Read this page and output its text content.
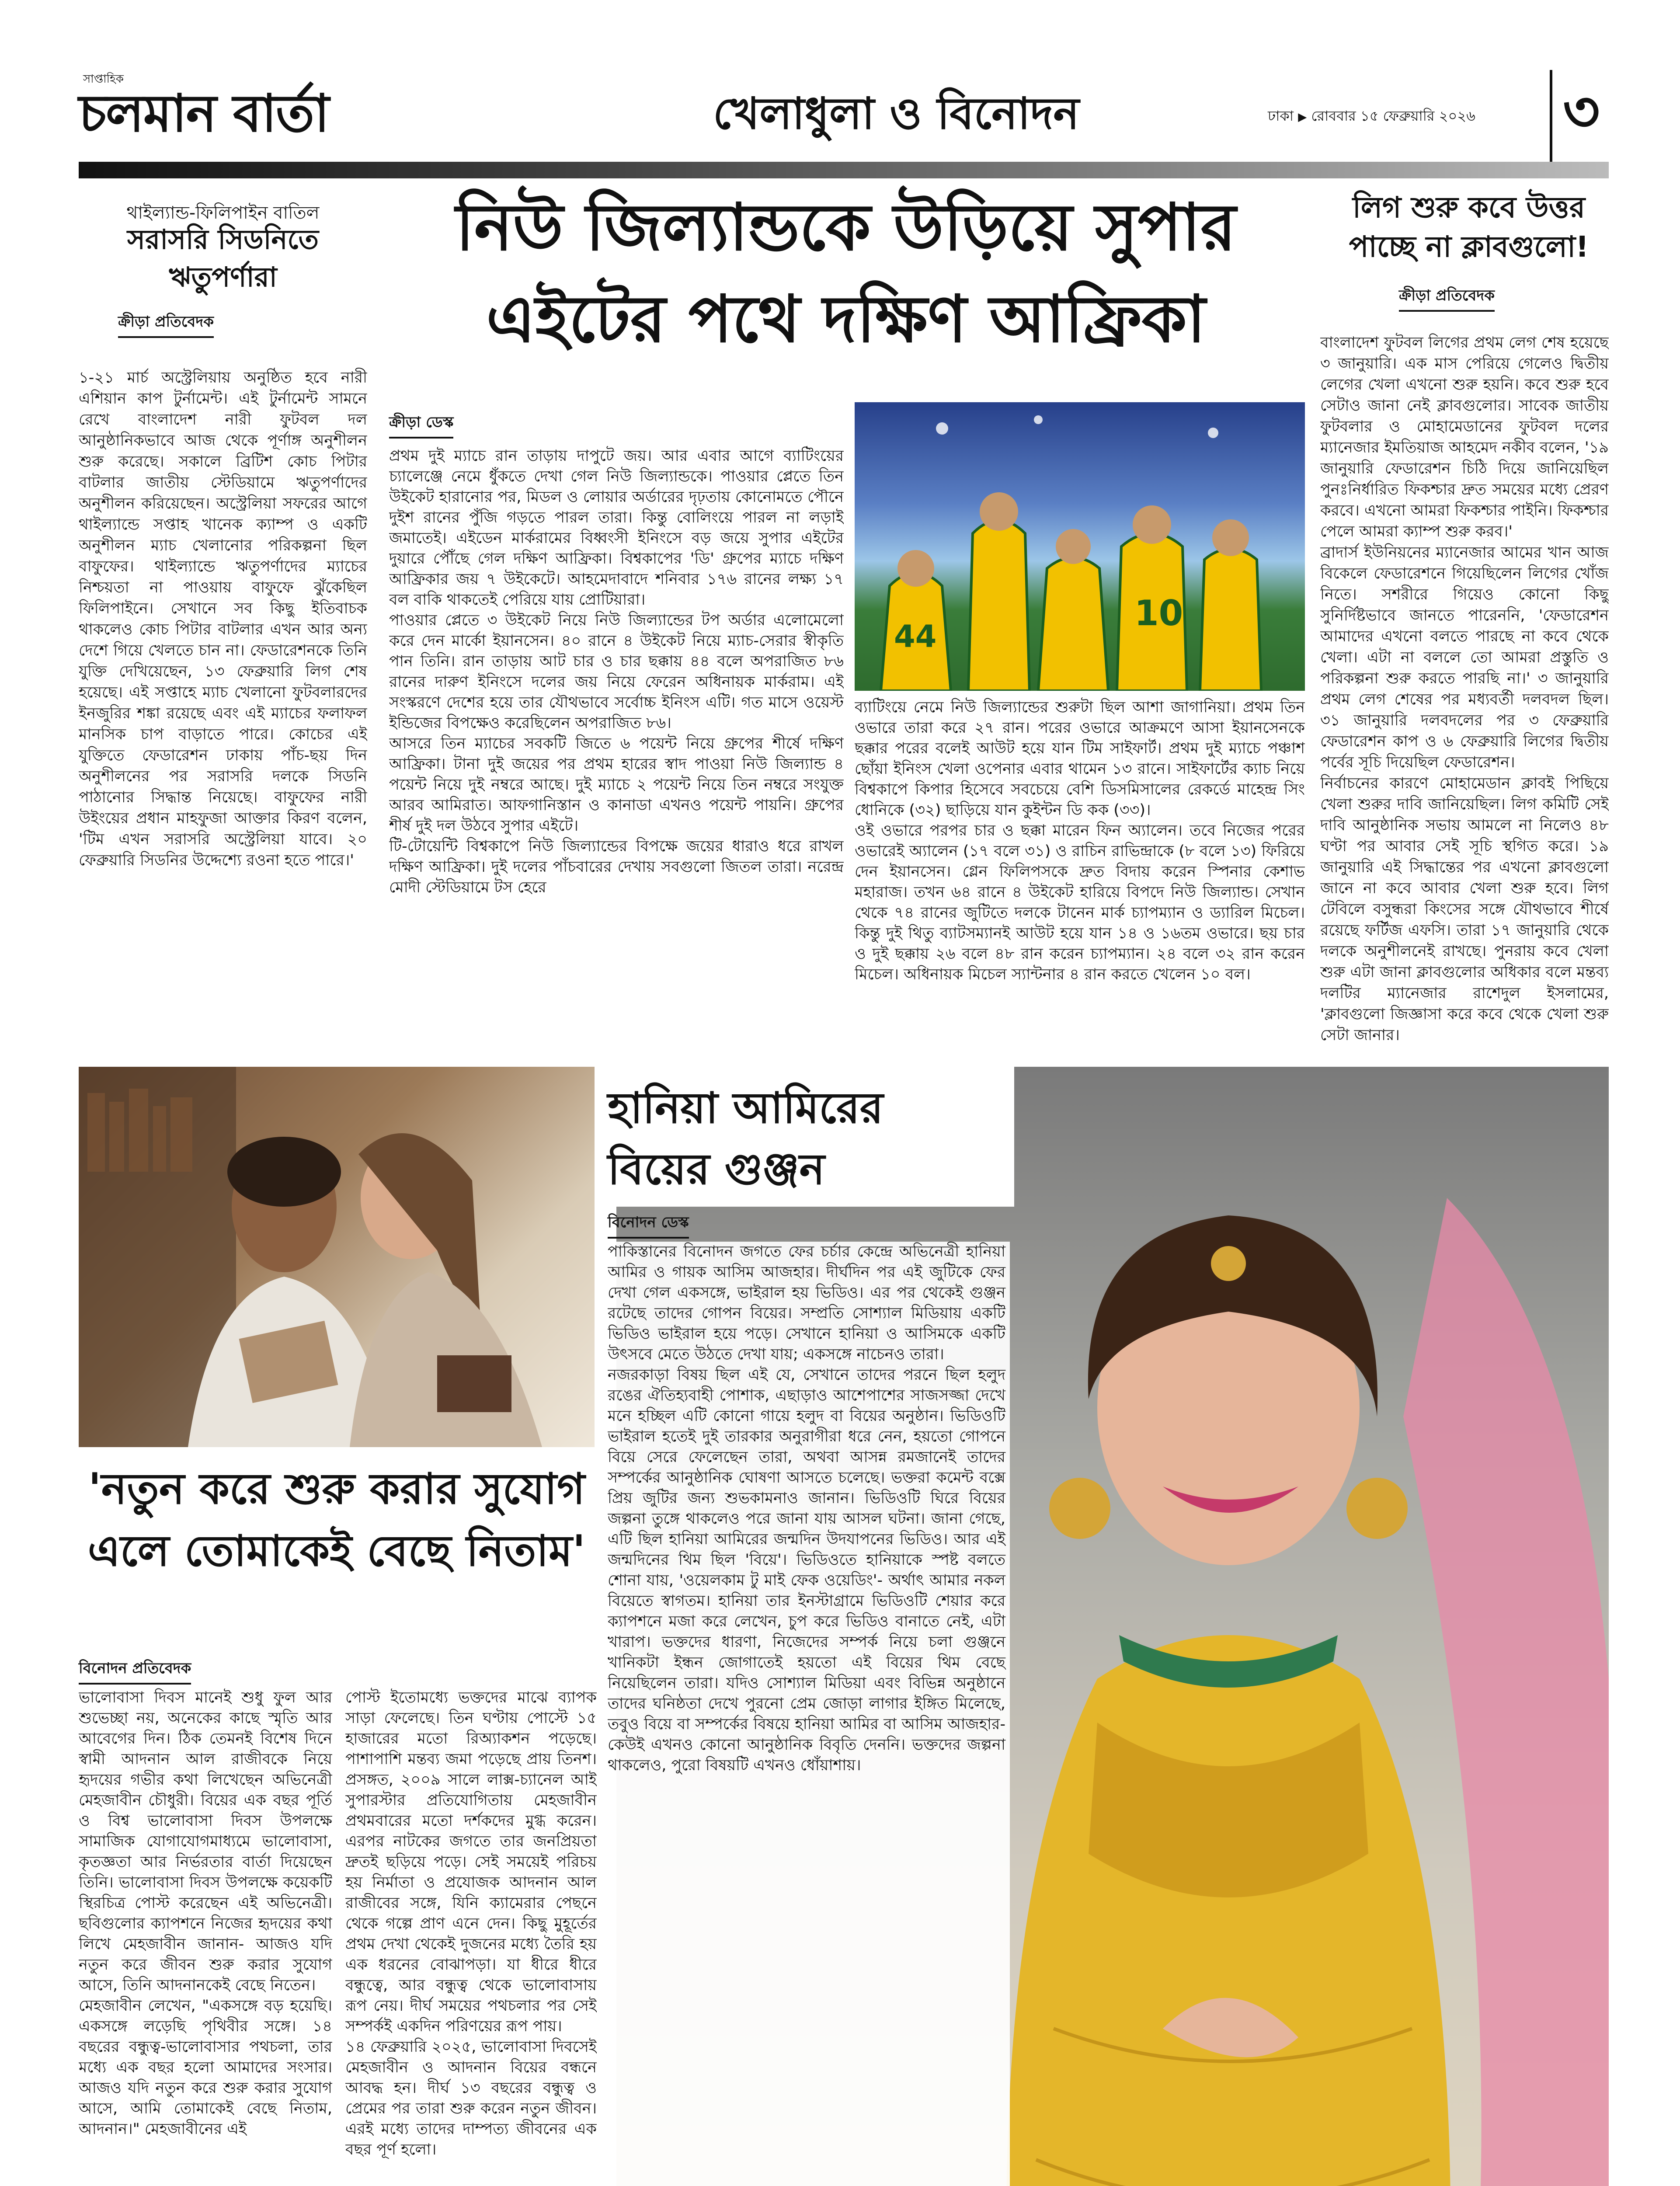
সাপ্তাহিক
চলমান বার্তা	খেলাধুলা ও বিনোদন	ঢাকা ▶ রোববার ১৫ ফেব্রুয়ারি ২০২৬	৩
থাইল্যান্ড-ফিলিপাইন বাতিল
সরাসরি সিডনিতে ঋতুপর্ণারা
ক্রীড়া প্রতিবেদক
১-২১ মার্চ অস্ট্রেলিয়ায় অনুষ্ঠিত হবে নারী এশিয়ান কাপ টুর্নামেন্ট। এই টুর্নামেন্ট সামনে রেখে বাংলাদেশ নারী ফুটবল দল আনুষ্ঠানিকভাবে আজ থেকে পূর্ণাঙ্গ অনুশীলন শুরু করেছে। সকালে ব্রিটিশ কোচ পিটার বাটলার জাতীয় স্টেডিয়ামে ঋতুপর্ণাদের অনুশীলন করিয়েছেন। অস্ট্রেলিয়া সফরের আগে থাইল্যান্ডে সপ্তাহ খানেক ক্যাম্প ও একটি অনুশীলন ম্যাচ খেলানোর পরিকল্পনা ছিল বাফুফের। থাইল্যান্ডে ঋতুপর্ণাদের ম্যাচের নিশ্চয়তা না পাওয়ায় বাফুফে ঝুঁকেছিল ফিলিপাইনে। সেখানে সব কিছু ইতিবাচক থাকলেও কোচ পিটার বাটলার এখন আর অন্য দেশে গিয়ে খেলতে চান না। ফেডারেশনকে তিনি যুক্তি দেখিয়েছেন, ১৩ ফেব্রুয়ারি লিগ শেষ হয়েছে। এই সপ্তাহে ম্যাচ খেলানো ফুটবলারদের ইনজুরির শঙ্কা রয়েছে এবং এই ম্যাচের ফলাফল মানসিক চাপ বাড়াতে পারে। কোচের এই যুক্তিতে ফেডারেশন ঢাকায় পাঁচ-ছয় দিন অনুশীলনের পর সরাসরি দলকে সিডনি পাঠানোর সিদ্ধান্ত নিয়েছে। বাফুফের নারী উইংয়ের প্রধান মাহফুজা আক্তার কিরণ বলেন, 'টিম এখন সরাসরি অস্ট্রেলিয়া যাবে। ২০ ফেব্রুয়ারি সিডনির উদ্দেশ্যে রওনা হতে পারে।'
নিউ জিল্যান্ডকে উড়িয়ে সুপার
এইটের পথে দক্ষিণ আফ্রিকা
ক্রীড়া ডেস্ক
প্রথম দুই ম্যাচে রান তাড়ায় দাপুটে জয়। আর এবার আগে ব্যাটিংয়ের চ্যালেঞ্জে নেমে ধুঁকতে দেখা গেল নিউ জিল্যান্ডকে। পাওয়ার প্লেতে তিন উইকেট হারানোর পর, মিডল ও লোয়ার অর্ডারের দৃঢ়তায় কোনোমতে পৌনে দুইশ রানের পুঁজি গড়তে পারল তারা। কিন্তু বোলিংয়ে পারল না লড়াই জমাতেই। এইডেন মার্করামের বিধ্বংসী ইনিংসে বড় জয়ে সুপার এইটের দুয়ারে পৌঁছে গেল দক্ষিণ আফ্রিকা। বিশ্বকাপের 'ডি' গ্রুপের ম্যাচে দক্ষিণ আফ্রিকার জয় ৭ উইকেটে। আহমেদাবাদে শনিবার ১৭৬ রানের লক্ষ্য ১৭ বল বাকি থাকতেই পেরিয়ে যায় প্রোটিয়ারা।
পাওয়ার প্লেতে ৩ উইকেট নিয়ে নিউ জিল্যান্ডের টপ অর্ডার এলোমেলো করে দেন মার্কো ইয়ানসেন। ৪০ রানে ৪ উইকেট নিয়ে ম্যাচ-সেরার স্বীকৃতি পান তিনি। রান তাড়ায় আট চার ও চার ছক্কায় ৪৪ বলে অপরাজিত ৮৬ রানের দারুণ ইনিংসে দলের জয় নিয়ে ফেরেন অধিনায়ক মার্করাম। এই সংস্করণে দেশের হয়ে তার যৌথভাবে সর্বোচ্চ ইনিংস এটি। গত মাসে ওয়েস্ট ইন্ডিজের বিপক্ষেও করেছিলেন অপরাজিত ৮৬।
আসরে তিন ম্যাচের সবকটি জিতে ৬ পয়েন্ট নিয়ে গ্রুপের শীর্ষে দক্ষিণ আফ্রিকা। টানা দুই জয়ের পর প্রথম হারের স্বাদ পাওয়া নিউ জিল্যান্ড ৪ পয়েন্ট নিয়ে দুই নম্বরে আছে। দুই ম্যাচে ২ পয়েন্ট নিয়ে তিন নম্বরে সংযুক্ত আরব আমিরাত। আফগানিস্তান ও কানাডা এখনও পয়েন্ট পায়নি। গ্রুপের শীর্ষ দুই দল উঠবে সুপার এইটে।
টি-টোয়েন্টি বিশ্বকাপে নিউ জিল্যান্ডের বিপক্ষে জয়ের ধারাও ধরে রাখল দক্ষিণ আফ্রিকা। দুই দলের পাঁচবারের দেখায় সবগুলো জিতল তারা। নরেন্দ্র মোদী স্টেডিয়ামে টস হেরে
44
10
ব্যাটিংয়ে নেমে নিউ জিল্যান্ডের শুরুটা ছিল আশা জাগানিয়া। প্রথম তিন ওভারে তারা করে ২৭ রান। পরের ওভারে আক্রমণে আসা ইয়ানসেনকে ছক্কার পরের বলেই আউট হয়ে যান টিম সাইফার্ট। প্রথম দুই ম্যাচে পঞ্চাশ ছোঁয়া ইনিংস খেলা ওপেনার এবার থামেন ১৩ রানে। সাইফার্টের ক্যাচ নিয়ে বিশ্বকাপে কিপার হিসেবে সবচেয়ে বেশি ডিসমিসালের রেকর্ডে মাহেন্দ্র সিং ধোনিকে (৩২) ছাড়িয়ে যান কুইন্টন ডি কক (৩৩)।
ওই ওভারে পরপর চার ও ছক্কা মারেন ফিন অ্যালেন। তবে নিজের পরের ওভারেই অ্যালেন (১৭ বলে ৩১) ও রাচিন রাভিন্দ্রাকে (৮ বলে ১৩) ফিরিয়ে দেন ইয়ানসেন। গ্লেন ফিলিপসকে দ্রুত বিদায় করেন স্পিনার কেশাভ মহারাজ। তখন ৬৪ রানে ৪ উইকেট হারিয়ে বিপদে নিউ জিল্যান্ড। সেখান থেকে ৭৪ রানের জুটিতে দলকে টানেন মার্ক চ্যাপম্যান ও ড্যারিল মিচেল। কিন্তু দুই থিতু ব্যাটসম্যানই আউট হয়ে যান ১৪ ও ১৬তম ওভারে। ছয় চার ও দুই ছক্কায় ২৬ বলে ৪৮ রান করেন চ্যাপম্যান। ২৪ বলে ৩২ রান করেন মিচেল। অধিনায়ক মিচেল স্যান্টনার ৪ রান করতে খেলেন ১০ বল।
লিগ শুরু কবে উত্তর পাচ্ছে না ক্লাবগুলো!
ক্রীড়া প্রতিবেদক
বাংলাদেশ ফুটবল লিগের প্রথম লেগ শেষ হয়েছে ৩ জানুয়ারি। এক মাস পেরিয়ে গেলেও দ্বিতীয় লেগের খেলা এখনো শুরু হয়নি। কবে শুরু হবে সেটাও জানা নেই ক্লাবগুলোর। সাবেক জাতীয় ফুটবলার ও মোহামেডানের ফুটবল দলের ম্যানেজার ইমতিয়াজ আহমেদ নকীব বলেন, '১৯ জানুয়ারি ফেডারেশন চিঠি দিয়ে জানিয়েছিল পুনঃনির্ধারিত ফিকশ্চার দ্রুত সময়ের মধ্যে প্রেরণ করবে। এখনো আমরা ফিকশ্চার পাইনি। ফিকশ্চার পেলে আমরা ক্যাম্প শুরু করব।'
ব্রাদার্স ইউনিয়নের ম্যানেজার আমের খান আজ বিকেলে ফেডারেশনে গিয়েছিলেন লিগের খোঁজ নিতে। সশরীরে গিয়েও কোনো কিছু সুনির্দিষ্টভাবে জানতে পারেননি, 'ফেডারেশন আমাদের এখনো বলতে পারছে না কবে থেকে খেলা। এটা না বললে তো আমরা প্রস্তুতি ও পরিকল্পনা শুরু করতে পারছি না।' ৩ জানুয়ারি প্রথম লেগ শেষের পর মধ্যবর্তী দলবদল ছিল। ৩১ জানুয়ারি দলবদলের পর ৩ ফেব্রুয়ারি ফেডারেশন কাপ ও ৬ ফেব্রুয়ারি লিগের দ্বিতীয় পর্বের সূচি দিয়েছিল ফেডারেশন।
নির্বাচনের কারণে মোহামেডান ক্লাবই পিছিয়ে খেলা শুরুর দাবি জানিয়েছিল। লিগ কমিটি সেই দাবি আনুষ্ঠানিক সভায় আমলে না নিলেও ৪৮ ঘণ্টা পর আবার সেই সূচি স্থগিত করে। ১৯ জানুয়ারি এই সিদ্ধান্তের পর এখনো ক্লাবগুলো জানে না কবে আবার খেলা শুরু হবে। লিগ টেবিলে বসুন্ধরা কিংসের সঙ্গে যৌথভাবে শীর্ষে রয়েছে ফর্টিজ এফসি। তারা ১৭ জানুয়ারি থেকে দলকে অনুশীলনেই রাখছে। পুনরায় কবে খেলা শুরু এটা জানা ক্লাবগুলোর অধিকার বলে মন্তব্য দলটির ম্যানেজার রাশেদুল ইসলামের, 'ক্লাবগুলো জিজ্ঞাসা করে কবে থেকে খেলা শুরু সেটা জানার।
'নতুন করে শুরু করার সুযোগ এলে তোমাকেই বেছে নিতাম'
বিনোদন প্রতিবেদক
ভালোবাসা দিবস মানেই শুধু ফুল আর শুভেচ্ছা নয়, অনেকের কাছে স্মৃতি আর আবেগের দিন। ঠিক তেমনই বিশেষ দিনে স্বামী আদনান আল রাজীবকে নিয়ে হৃদয়ের গভীর কথা লিখেছেন অভিনেত্রী মেহজাবীন চৌধুরী। বিয়ের এক বছর পূর্তি ও বিশ্ব ভালোবাসা দিবস উপলক্ষে সামাজিক যোগাযোগমাধ্যমে ভালোবাসা, কৃতজ্ঞতা আর নির্ভরতার বার্তা দিয়েছেন তিনি। ভালোবাসা দিবস উপলক্ষে কয়েকটি স্থিরচিত্র পোস্ট করেছেন এই অভিনেত্রী। ছবিগুলোর ক্যাপশনে নিজের হৃদয়ের কথা লিখে মেহজাবীন জানান- আজও যদি নতুন করে জীবন শুরু করার সুযোগ আসে, তিনি আদনানকেই বেছে নিতেন।
মেহজাবীন লেখেন, "একসঙ্গে বড় হয়েছি। একসঙ্গে লড়েছি পৃথিবীর সঙ্গে। ১৪ বছরের বন্ধুত্ব-ভালোবাসার পথচলা, তার মধ্যে এক বছর হলো আমাদের সংসার। আজও যদি নতুন করে শুরু করার সুযোগ আসে, আমি তোমাকেই বেছে নিতাম, আদনান।" মেহজাবীনের এই
পোস্ট ইতোমধ্যে ভক্তদের মাঝে ব্যাপক সাড়া ফেলেছে। তিন ঘণ্টায় পোস্টে ১৫ হাজারের মতো রিঅ্যাকশন পড়েছে। পাশাপাশি মন্তব্য জমা পড়েছে প্রায় তিনশ। প্রসঙ্গত, ২০০৯ সালে লাক্স-চ্যানেল আই সুপারস্টার প্রতিযোগিতায় মেহজাবীন প্রথমবারের মতো দর্শকদের মুগ্ধ করেন। এরপর নাটকের জগতে তার জনপ্রিয়তা দ্রুতই ছড়িয়ে পড়ে। সেই সময়েই পরিচয় হয় নির্মাতা ও প্রযোজক আদনান আল রাজীবের সঙ্গে, যিনি ক্যামেরার পেছনে থেকে গল্পে প্রাণ এনে দেন। কিছু মুহূর্তের প্রথম দেখা থেকেই দুজনের মধ্যে তৈরি হয় এক ধরনের বোঝাপড়া। যা ধীরে ধীরে বন্ধুত্বে, আর বন্ধুত্ব থেকে ভালোবাসায় রূপ নেয়। দীর্ঘ সময়ের পথচলার পর সেই সম্পর্কই একদিন পরিণয়ের রূপ পায়।
১৪ ফেব্রুয়ারি ২০২৫, ভালোবাসা দিবসেই মেহজাবীন ও আদনান বিয়ের বন্ধনে আবদ্ধ হন। দীর্ঘ ১৩ বছরের বন্ধুত্ব ও প্রেমের পর তারা শুরু করেন নতুন জীবন। এরই মধ্যে তাদের দাম্পত্য জীবনের এক বছর পূর্ণ হলো।
হানিয়া আমিরের
বিয়ের গুঞ্জন
বিনোদন ডেস্ক
পাকিস্তানের বিনোদন জগতে ফের চর্চার কেন্দ্রে অভিনেত্রী হানিয়া আমির ও গায়ক আসিম আজহার। দীর্ঘদিন পর এই জুটিকে ফের দেখা গেল একসঙ্গে, ভাইরাল হয় ভিডিও। এর পর থেকেই গুঞ্জন রটেছে তাদের গোপন বিয়ের। সম্প্রতি সোশ্যাল মিডিয়ায় একটি ভিডিও ভাইরাল হয়ে পড়ে। সেখানে হানিয়া ও আসিমকে একটি উৎসবে মেতে উঠতে দেখা যায়; একসঙ্গে নাচেনও তারা।
নজরকাড়া বিষয় ছিল এই যে, সেখানে তাদের পরনে ছিল হলুদ রঙের ঐতিহ্যবাহী পোশাক, এছাড়াও আশেপাশের সাজসজ্জা দেখে মনে হচ্ছিল এটি কোনো গায়ে হলুদ বা বিয়ের অনুষ্ঠান। ভিডিওটি ভাইরাল হতেই দুই তারকার অনুরাগীরা ধরে নেন, হয়তো গোপনে বিয়ে সেরে ফেলেছেন তারা, অথবা আসন্ন রমজানেই তাদের সম্পর্কের আনুষ্ঠানিক ঘোষণা আসতে চলেছে। ভক্তরা কমেন্ট বক্সে প্রিয় জুটির জন্য শুভকামনাও জানান। ভিডিওটি ঘিরে বিয়ের জল্পনা তুঙ্গে থাকলেও পরে জানা যায় আসল ঘটনা। জানা গেছে, এটি ছিল হানিয়া আমিরের জন্মদিন উদযাপনের ভিডিও। আর এই জন্মদিনের থিম ছিল 'বিয়ে'। ভিডিওতে হানিয়াকে স্পষ্ট বলতে শোনা যায়, 'ওয়েলকাম টু মাই ফেক ওয়েডিং'- অর্থাৎ আমার নকল বিয়েতে স্বাগতম। হানিয়া তার ইনস্টাগ্রামে ভিডিওটি শেয়ার করে ক্যাপশনে মজা করে লেখেন, চুপ করে ভিডিও বানাতে নেই, এটা খারাপ। ভক্তদের ধারণা, নিজেদের সম্পর্ক নিয়ে চলা গুঞ্জনে খানিকটা ইন্ধন জোগাতেই হয়তো এই বিয়ের থিম বেছে নিয়েছিলেন তারা। যদিও সোশ্যাল মিডিয়া এবং বিভিন্ন অনুষ্ঠানে তাদের ঘনিষ্ঠতা দেখে পুরনো প্রেম জোড়া লাগার ইঙ্গিত মিলেছে, তবুও বিয়ে বা সম্পর্কের বিষয়ে হানিয়া আমির বা আসিম আজহার- কেউই এখনও কোনো আনুষ্ঠানিক বিবৃতি দেননি। ভক্তদের জল্পনা থাকলেও, পুরো বিষয়টি এখনও ধোঁয়াশায়।
